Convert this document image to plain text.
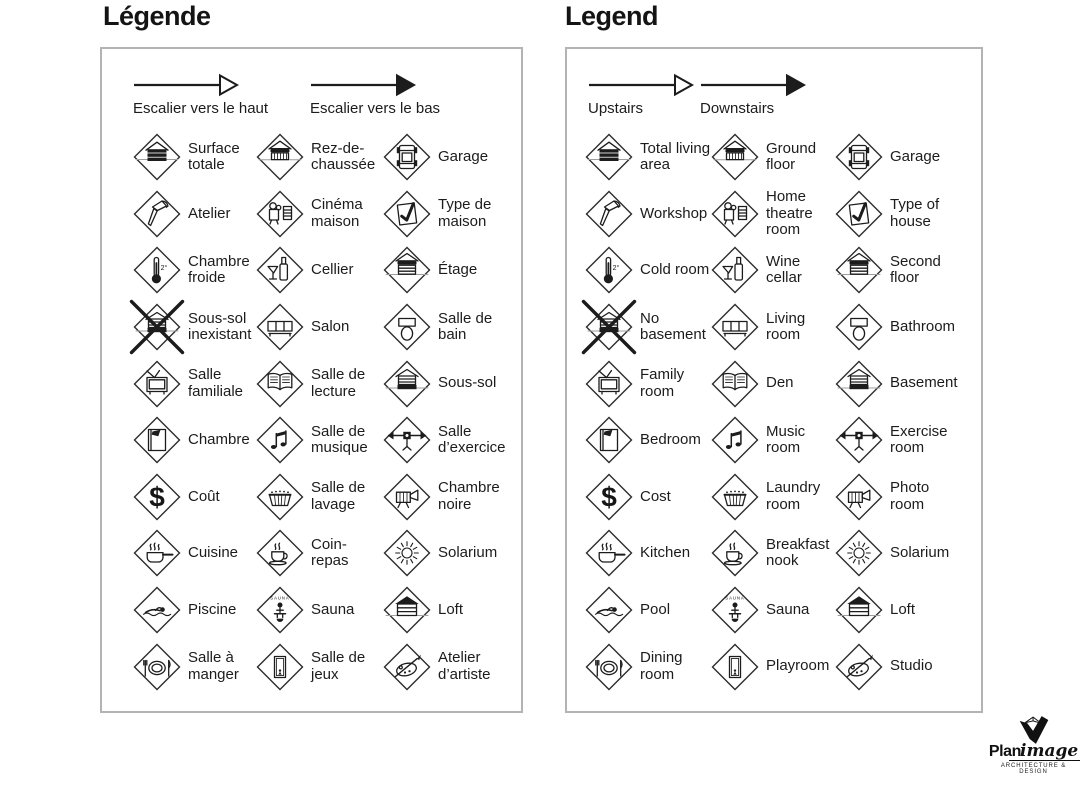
Légende	Legend
Escalier vers le haut	Escalier vers le bas
Surface totale
Rez-de-chaussée	Garage
Atelier	Cinéma maison
Type de maison
Chambre froide	Cellier	Étage
Sous-sol inexistant	Salon	Salle de bain
Salle familiale
Salle de lecture	Sous-sol
Chambre	Salle de musique
Salle d’exercice
Coût	Salle de lavage
Chambre noire
Cuisine	Coin-repas	Solarium
Piscine	Sauna	Loft
Salle à manger
Salle de jeux
Atelier d’artiste
Upstairs	Downstairs
Total living area
Ground floor	Garage
Workshop
Home theatre room
Type of house
Cold room	Wine cellar
Second floor
No basement
Living room	Bathroom
Family room	Den	Basement
Bedroom	Music room
Exercise room
Cost	Laundry room
Photo room
Kitchen	Breakfast nook	Solarium
Pool	Sauna	Loft
Dining room	Playroom	Studio
Planimage
ARCHITECTURE & DESIGN
